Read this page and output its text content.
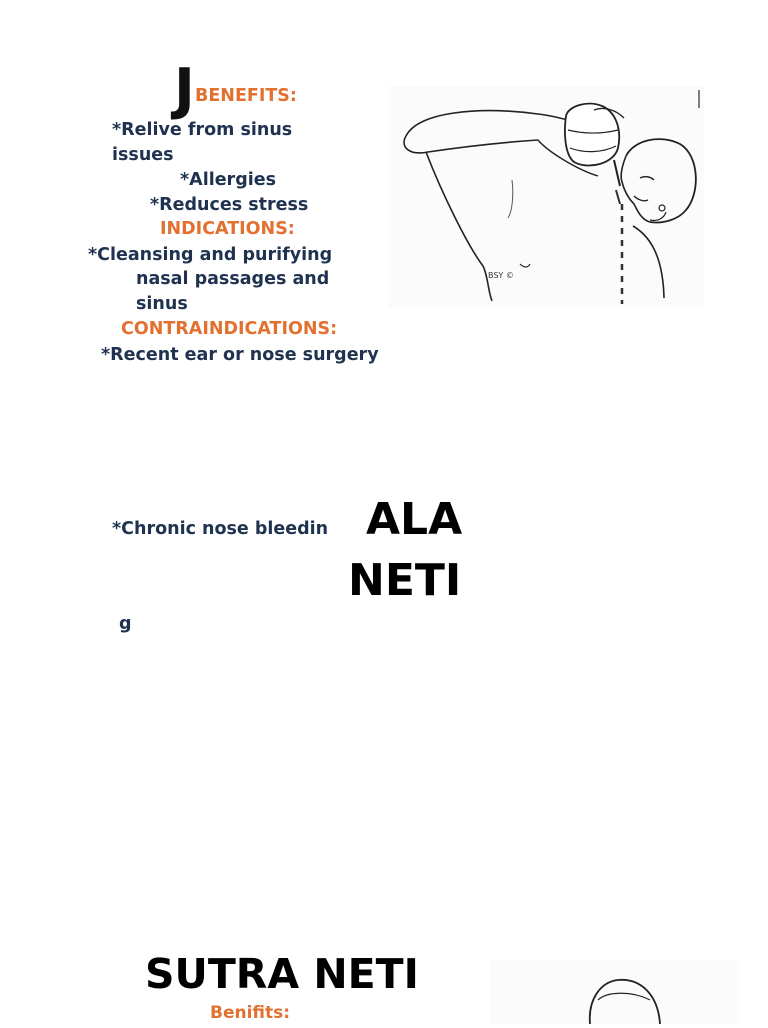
J BENEFITS:
*Relive from sinus
issues
*Allergies
*Reduces stress
INDICATIONS:
*Cleansing and purifying
nasal passages and
sinus
CONTRAINDICATIONS:
*Recent ear or nose surgery
*Chronic nose bleedin
g
ALA
NETI
BSY ©
SUTRA NETI
Benifits:
